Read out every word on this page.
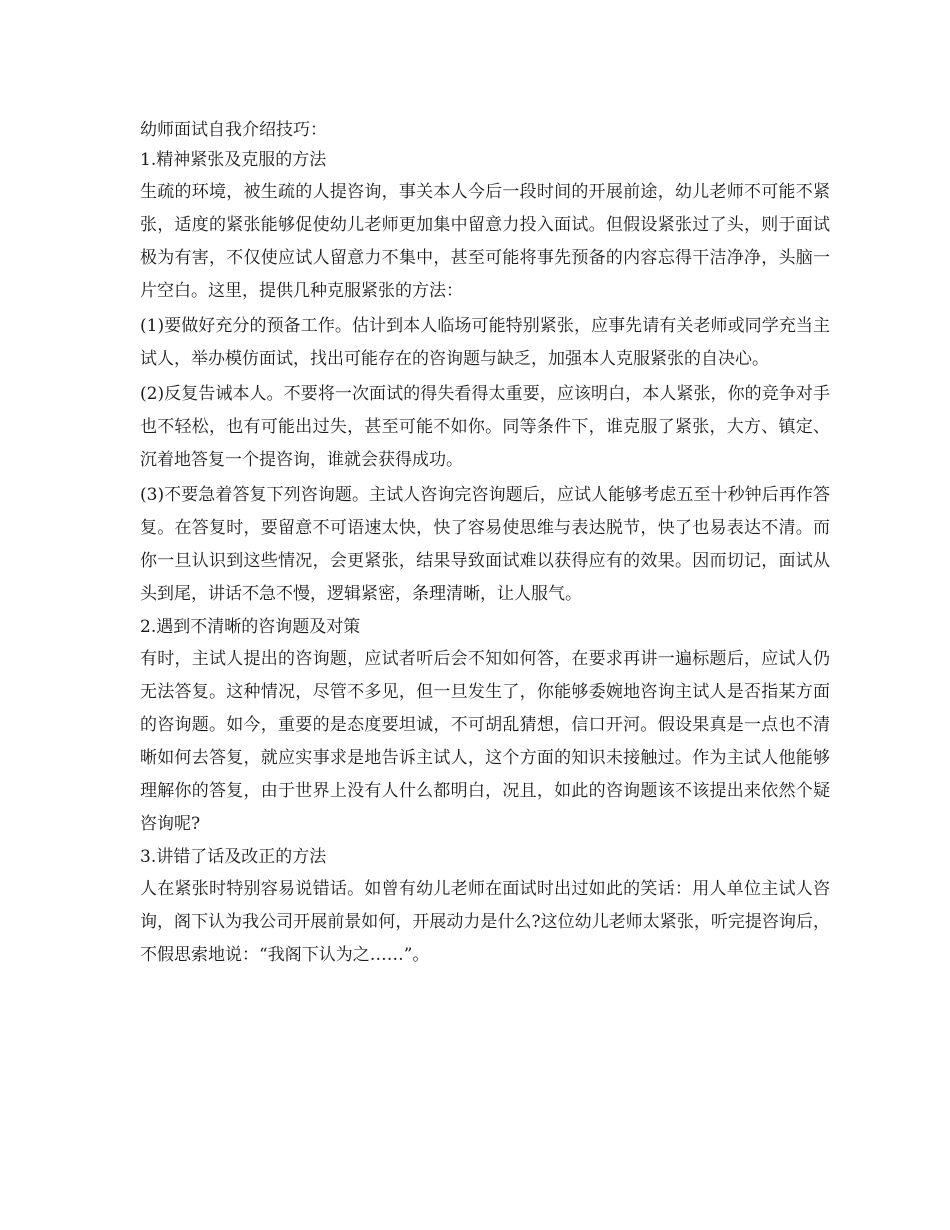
幼师面试自我介绍技巧：

1.精神紧张及克服的方法

生疏的环境，被生疏的人提咨询，事关本人今后一段时间的开展前途，幼儿老师不可能不紧张，适度的紧张能够促使幼儿老师更加集中留意力投入面试。但假设紧张过了头，则于面试极为有害，不仅使应试人留意力不集中，甚至可能将事先预备的内容忘得干洁净净，头脑一片空白。这里，提供几种克服紧张的方法：

(1)要做好充分的预备工作。估计到本人临场可能特别紧张，应事先请有关老师或同学充当主试人，举办模仿面试，找出可能存在的咨询题与缺乏，加强本人克服紧张的自决心。

(2)反复告诫本人。不要将一次面试的得失看得太重要，应该明白，本人紧张，你的竞争对手也不轻松，也有可能出过失，甚至可能不如你。同等条件下，谁克服了紧张，大方、镇定、沉着地答复一个提咨询，谁就会获得成功。

(3)不要急着答复下列咨询题。主试人咨询完咨询题后，应试人能够考虑五至十秒钟后再作答复。在答复时，要留意不可语速太快，快了容易使思维与表达脱节，快了也易表达不清。而你一旦认识到这些情况，会更紧张，结果导致面试难以获得应有的效果。因而切记，面试从头到尾，讲话不急不慢，逻辑紧密，条理清晰，让人服气。

2.遇到不清晰的咨询题及对策

有时，主试人提出的咨询题，应试者听后会不知如何答，在要求再讲一遍标题后，应试人仍无法答复。这种情况，尽管不多见，但一旦发生了，你能够委婉地咨询主试人是否指某方面的咨询题。如今，重要的是态度要坦诚，不可胡乱猜想，信口开河。假设果真是一点也不清晰如何去答复，就应实事求是地告诉主试人，这个方面的知识未接触过。作为主试人他能够理解你的答复，由于世界上没有人什么都明白，况且，如此的咨询题该不该提出来依然个疑咨询呢?

3.讲错了话及改正的方法

人在紧张时特别容易说错话。如曾有幼儿老师在面试时出过如此的笑话：用人单位主试人咨询，阁下认为我公司开展前景如何，开展动力是什么?这位幼儿老师太紧张，听完提咨询后，不假思索地说：“我阁下认为之……”。
